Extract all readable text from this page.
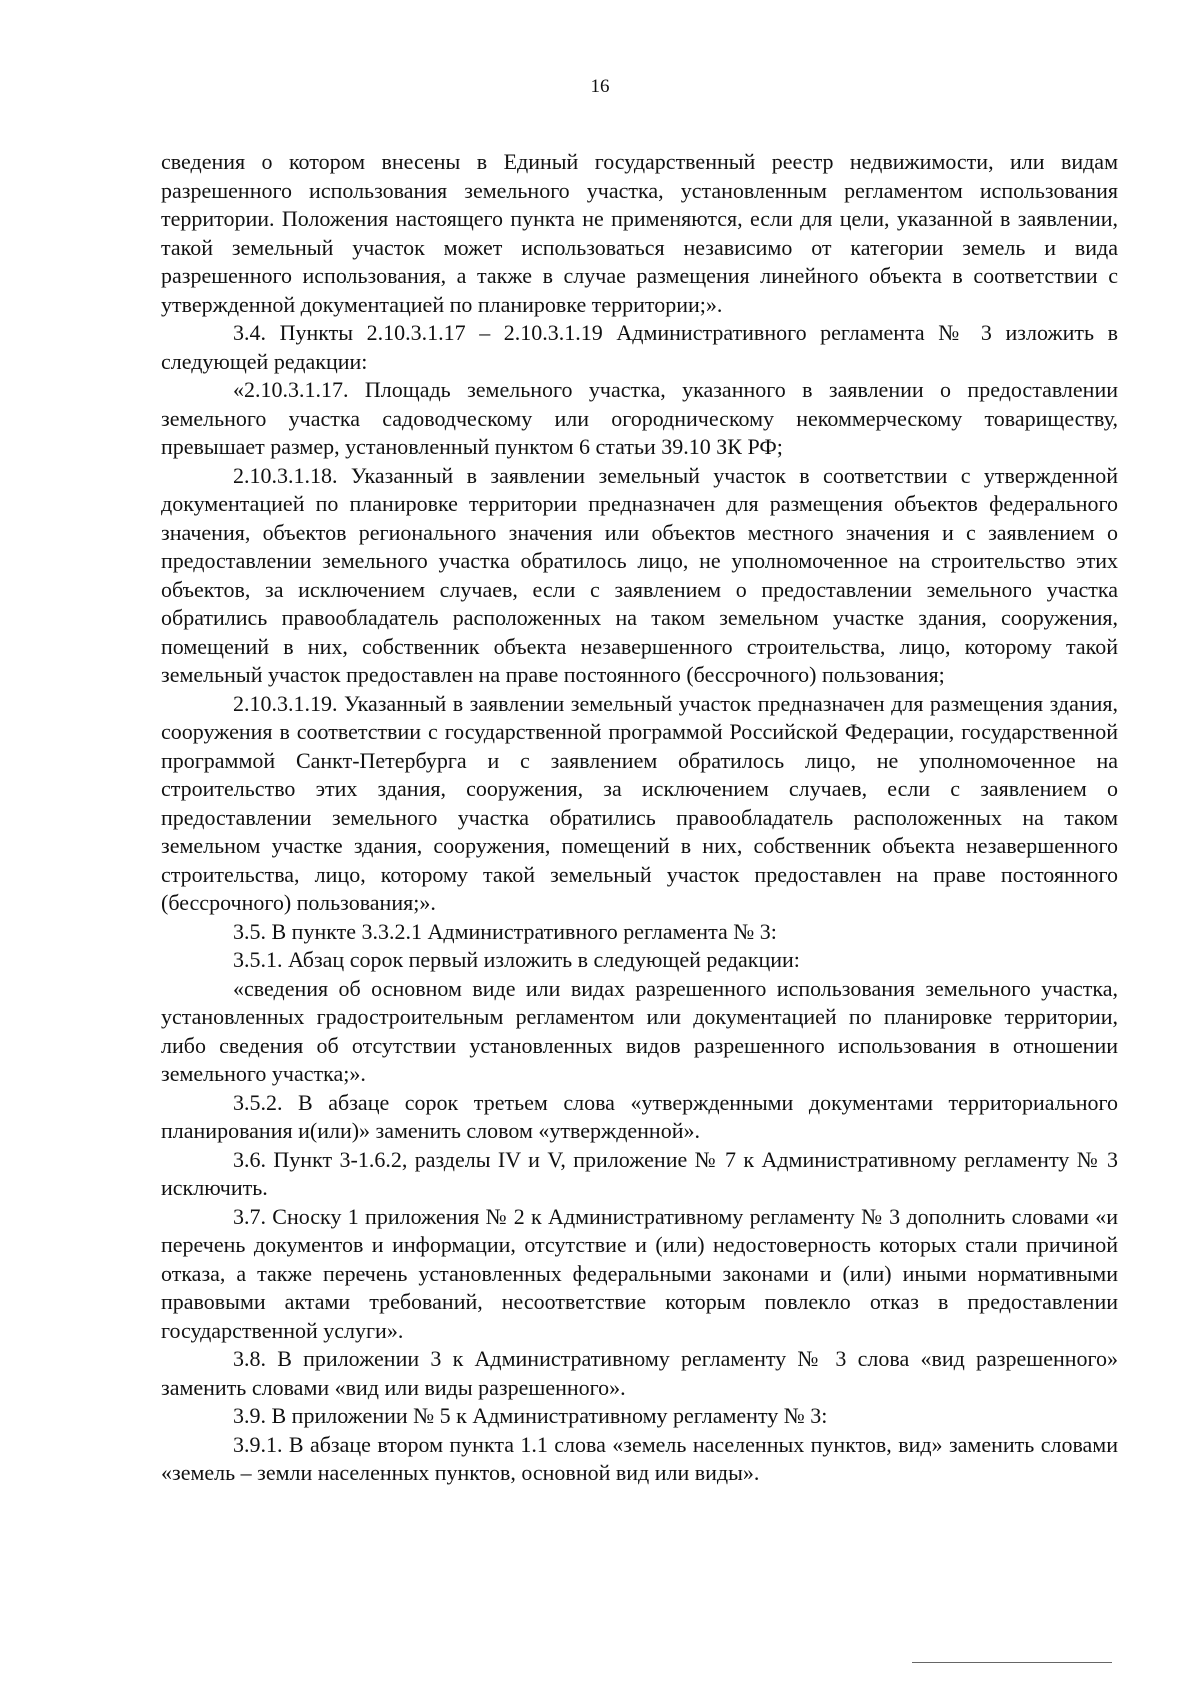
16

сведения о котором внесены в Единый государственный реестр недвижимости, или видам разрешенного использования земельного участка, установленным регламентом использования территории. Положения настоящего пункта не применяются, если для цели, указанной в заявлении, такой земельный участок может использоваться независимо от категории земель и вида разрешенного использования, а также в случае размещения линейного объекта в соответствии с утвержденной документацией по планировке территории;».

3.4. Пункты 2.10.3.1.17 – 2.10.3.1.19 Административного регламента № 3 изложить в следующей редакции:

«2.10.3.1.17. Площадь земельного участка, указанного в заявлении о предоставлении земельного участка садоводческому или огородническому некоммерческому товариществу, превышает размер, установленный пунктом 6 статьи 39.10 ЗК РФ;

2.10.3.1.18. Указанный в заявлении земельный участок в соответствии с утвержденной документацией по планировке территории предназначен для размещения объектов федерального значения, объектов регионального значения или объектов местного значения и с заявлением о предоставлении земельного участка обратилось лицо, не уполномоченное на строительство этих объектов, за исключением случаев, если с заявлением о предоставлении земельного участка обратились правообладатель расположенных на таком земельном участке здания, сооружения, помещений в них, собственник объекта незавершенного строительства, лицо, которому такой земельный участок предоставлен на праве постоянного (бессрочного) пользования;

2.10.3.1.19. Указанный в заявлении земельный участок предназначен для размещения здания, сооружения в соответствии с государственной программой Российской Федерации, государственной программой Санкт-Петербурга и с заявлением обратилось лицо, не уполномоченное на строительство этих здания, сооружения, за исключением случаев, если с заявлением о предоставлении земельного участка обратились правообладатель расположенных на таком земельном участке здания, сооружения, помещений в них, собственник объекта незавершенного строительства, лицо, которому такой земельный участок предоставлен на праве постоянного (бессрочного) пользования;».

3.5. В пункте 3.3.2.1 Административного регламента № 3:

3.5.1. Абзац сорок первый изложить в следующей редакции:

«сведения об основном виде или видах разрешенного использования земельного участка, установленных градостроительным регламентом или документацией по планировке территории, либо сведения об отсутствии установленных видов разрешенного использования в отношении земельного участка;».

3.5.2. В абзаце сорок третьем слова «утвержденными документами территориального планирования и(или)» заменить словом «утвержденной».

3.6. Пункт 3-1.6.2, разделы IV и V, приложение № 7 к Административному регламенту № 3 исключить.

3.7. Сноску 1 приложения № 2 к Административному регламенту № 3 дополнить словами «и перечень документов и информации, отсутствие и (или) недостоверность которых стали причиной отказа, а также перечень установленных федеральными законами и (или) иными нормативными правовыми актами требований, несоответствие которым повлекло отказ в предоставлении государственной услуги».

3.8. В приложении 3 к Административному регламенту № 3 слова «вид разрешенного» заменить словами «вид или виды разрешенного».

3.9. В приложении № 5 к Административному регламенту № 3:

3.9.1. В абзаце втором пункта 1.1 слова «земель населенных пунктов, вид» заменить словами «земель – земли населенных пунктов, основной вид или виды».
